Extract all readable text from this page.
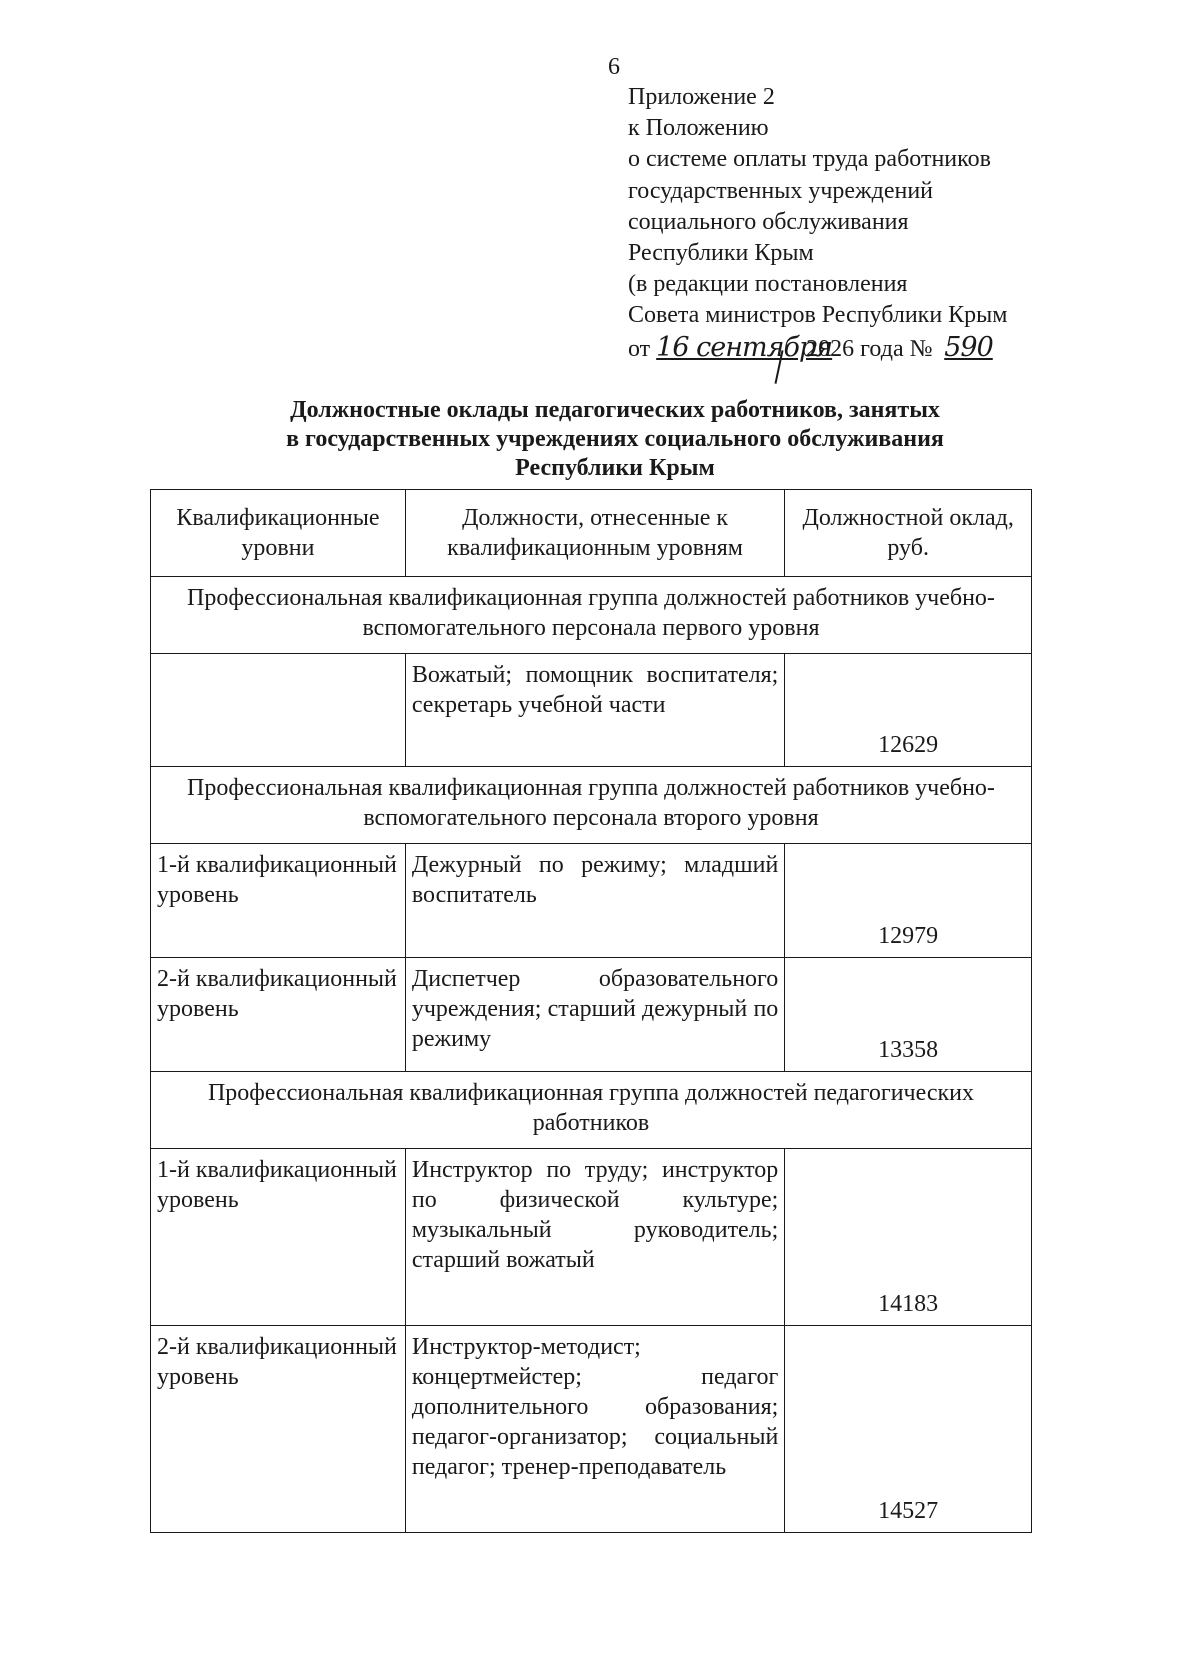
6
Приложение 2
к Положению
о системе оплаты труда работников
государственных учреждений
социального обслуживания
Республики Крым
(в редакции постановления
Совета министров Республики Крым
от 16 сентября2026 года № 590
Должностные оклады педагогических работников, занятых
в государственных учреждениях социального обслуживания
Республики Крым
Квалификационные уровни	Должности, отнесенные к квалификационным уровням	Должностной оклад, руб.
Профессиональная квалификационная группа должностей работников учебно-вспомогательного персонала первого уровня		
	Вожатый; помощник воспитателя; секретарь учебной части	12629
Профессиональная квалификационная группа должностей работников учебно-вспомогательного персонала второго уровня		
1-й квалификационный уровень	Дежурный по режиму; младший воспитатель	12979
2-й квалификационный уровень	Диспетчер образовательного учреждения; старший дежурный по режиму	13358
Профессиональная квалификационная группа должностей педагогических работников		
1-й квалификационный уровень	Инструктор по труду; инструктор по физической культуре; музыкальный руководитель; старший вожатый	14183
2-й квалификационный уровень	Инструктор-методист; концертмейстер; педагог дополнительного образования; педагог-организатор; социальный педагог; тренер-преподаватель	14527
